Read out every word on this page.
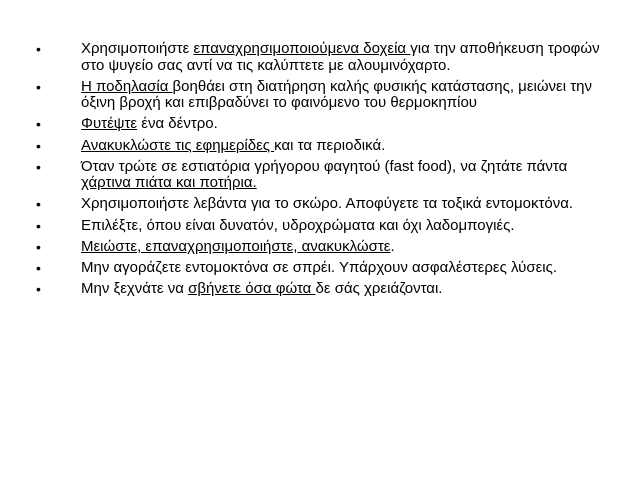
•	Χρησιμοποιήστε επαναχρησιμοποιούμενα δοχεία για την αποθήκευση τροφών στο ψυγείο σας αντί να τις καλύπτετε με αλουμινόχαρτο.
•	Η ποδηλασία βοηθάει στη διατήρηση καλής φυσικής κατάστασης, μειώνει την όξινη βροχή και επιβραδύνει το φαινόμενο του θερμοκηπίου
•	Φυτέψτε ένα δέντρο.
•	Ανακυκλώστε τις εφημερίδες και τα περιοδικά.
•	Όταν τρώτε σε εστιατόρια γρήγορου φαγητού (fast food), να ζητάτε πάντα χάρτινα πιάτα και ποτήρια.
•	Χρησιμοποιήστε λεβάντα για το σκώρο. Αποφύγετε τα τοξικά εντομοκτόνα.
•	Επιλέξτε, όπου είναι δυνατόν, υδροχρώματα και όχι λαδομπογιές.
•	Μειώστε, επαναχρησιμοποιήστε, ανακυκλώστε.
•	Μην αγοράζετε εντομοκτόνα σε σπρέι. Υπάρχουν ασφαλέστερες λύσεις.
•	Μην ξεχνάτε να σβήνετε όσα φώτα δε σάς χρειάζονται.
